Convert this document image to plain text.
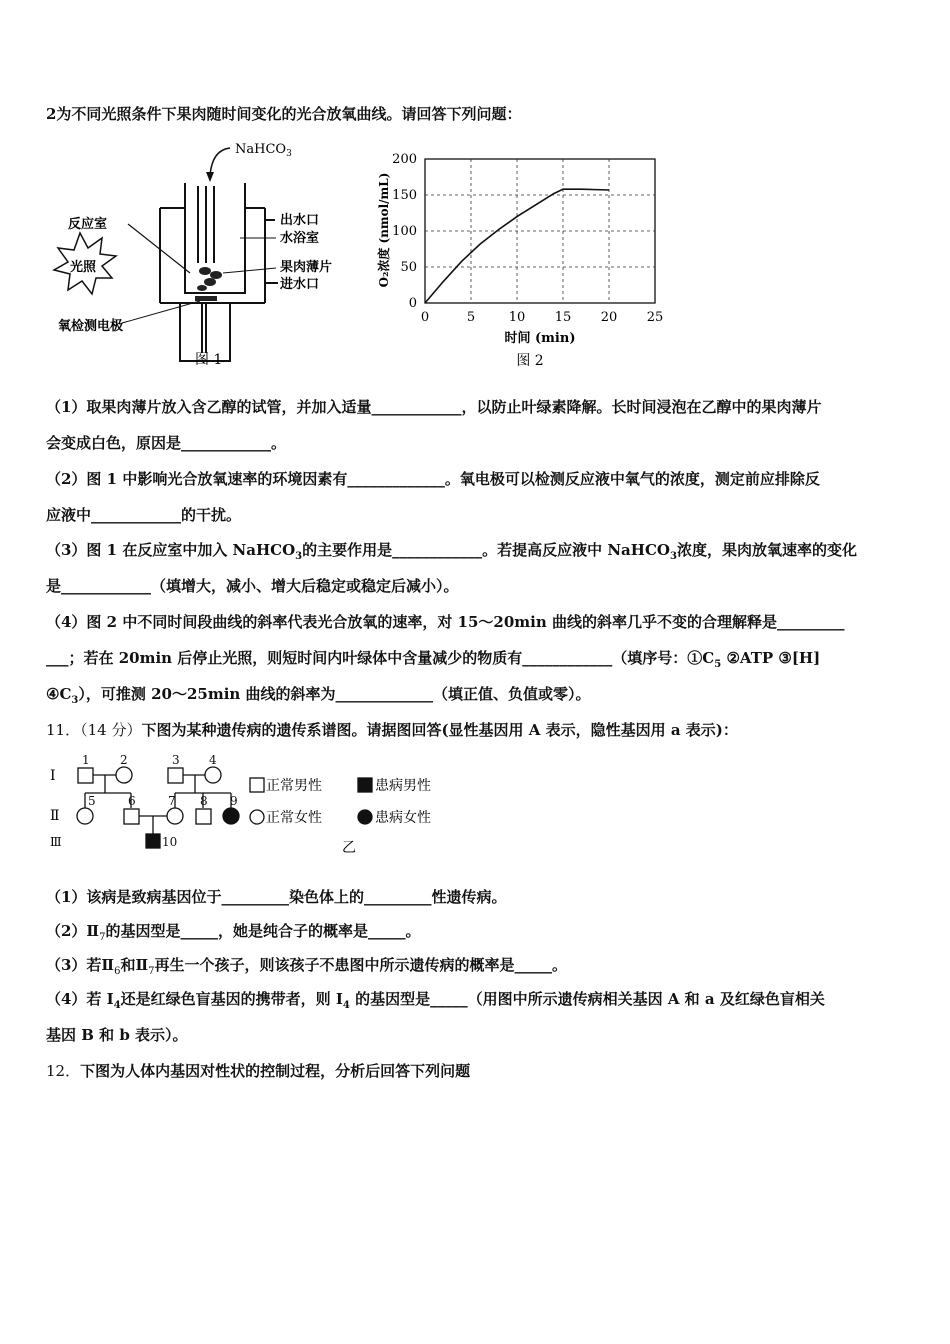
2为不同光照条件下果肉随时间变化的光合放氧曲线。请回答下列问题：
NaHCO$_3$
光照
反应室	出水口
水浴室
果肉薄片
进水口
氧检测电极
图 1
0
50
100
150
200
0	5	10 15 20 25
O₂浓度 (nmol/mL)
时间 (min)
图 2
（1）取果肉薄片放入含乙醇的试管，并加入适量____________，以防止叶绿素降解。长时间浸泡在乙醇中的果肉薄片
会变成白色，原因是____________。
（2）图 1 中影响光合放氧速率的环境因素有_____________。氧电极可以检测反应液中氧气的浓度，测定前应排除反
应液中____________的干扰。
（3）图 1 在反应室中加入 NaHCO$_3$的主要作用是____________。若提高反应液中 NaHCO$_3$浓度，果肉放氧速率的变化
是____________（填增大，减小、增大后稳定或稳定后减小）。
（4）图 2 中不同时间段曲线的斜率代表光合放氧的速率，对 15～20min 曲线的斜率几乎不变的合理解释是_________
___；若在 20min 后停止光照，则短时间内叶绿体中含量减少的物质有____________（填序号：$①C_5$ ②ATP ③[H]
$④C_3$），可推测 20～25min 曲线的斜率为_____________（填正值、负值或零）。
11．（14 分）下图为某种遗传病的遗传系谱图。请据图回答(显性基因用 A 表示，隐性基因用 a 表示)：
Ⅰ
Ⅱ
Ⅲ
1	2	3 4
5	6	7 8 9
10
正常男性	患病男性
正常女性	患病女性
乙
（1）该病是致病基因位于_________染色体上的_________性遗传病。
$(2)Ⅱ_7$的基因型是_____，她是纯合子的概率是_____。
（3）若$Ⅱ_6$和$Ⅱ_7$再生一个孩子，则该孩子不患图中所示遗传病的概率是_____。
（4）若 $I_4$还是红绿色盲基因的携带者，则 $I_4$ 的基因型是_____（用图中所示遗传病相关基因 A 和 a 及红绿色盲相关
基因 B 和 b 表示）。
12．下图为人体内基因对性状的控制过程，分析后回答下列问题
